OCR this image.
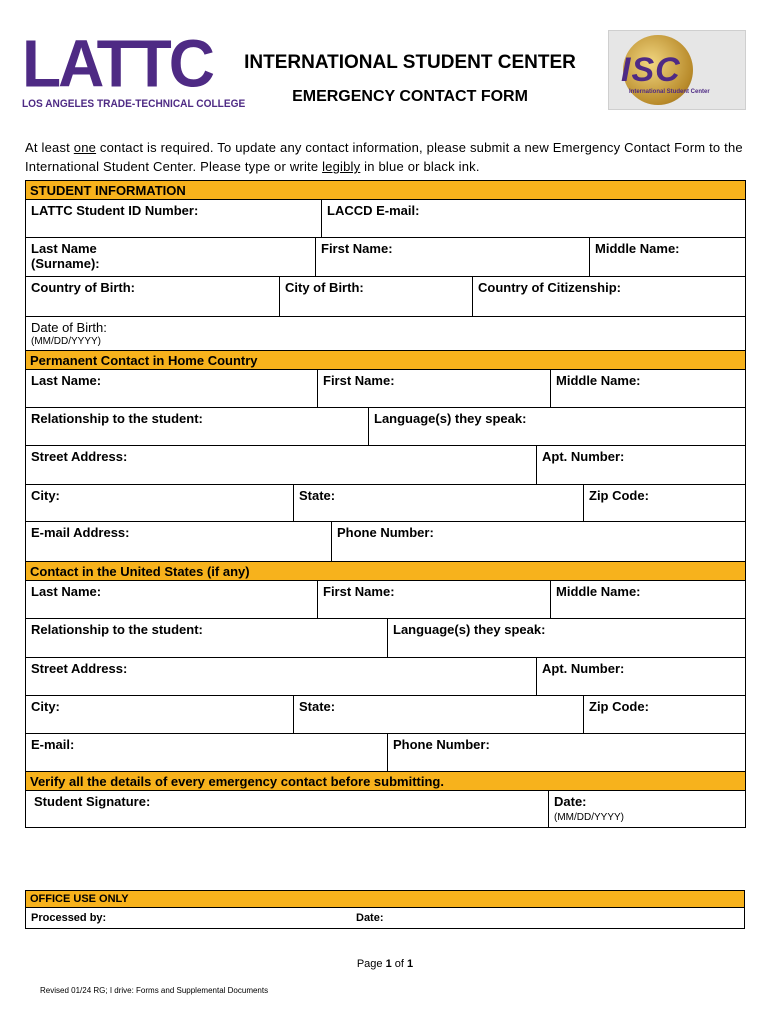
LATTC
LOS ANGELES TRADE-TECHNICAL COLLEGE
INTERNATIONAL STUDENT CENTER
EMERGENCY CONTACT FORM
ISC
International Student Center
At least one contact is required. To update any contact information, please submit a new Emergency Contact Form to the International Student Center. Please type or write legibly in blue or black ink.
STUDENT INFORMATION
LATTC Student ID Number:	LACCD E-mail:
Last Name
(Surname):
First Name:	Middle Name:
Country of Birth:	City of Birth:	Country of Citizenship:
Date of Birth:
(MM/DD/YYYY)
Permanent Contact in Home Country
Last Name:	First Name:	Middle Name:
Relationship to the student:	Language(s) they speak:
Street Address:	Apt. Number:
City:	State:	Zip Code:
E-mail Address:	Phone Number:
Contact in the United States (if any)
Last Name:	First Name:	Middle Name:
Relationship to the student:	Language(s) they speak:
Street Address:	Apt. Number:
City:	State:	Zip Code:
E-mail:	Phone Number:
Verify all the details of every emergency contact before submitting.
Student Signature:	Date:
(MM/DD/YYYY)
OFFICE USE ONLY
Processed by:	Date:
Page 1 of 1
Revised 01/24 RG; I drive: Forms and Supplemental Documents
